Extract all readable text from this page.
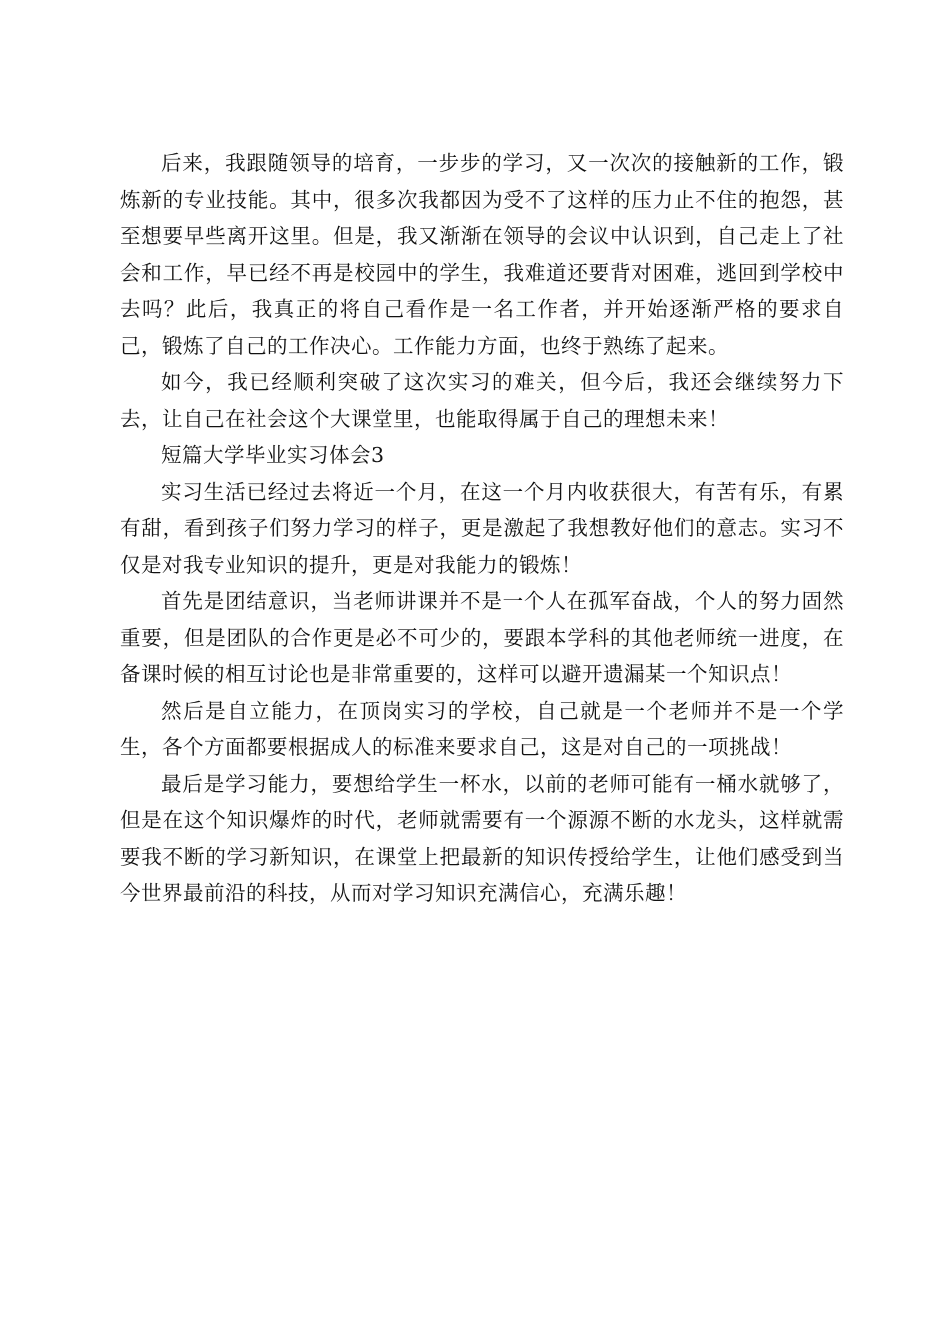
后来，我跟随领导的培育，一步步的学习，又一次次的接触新的工作，锻炼新的专业技能。其中，很多次我都因为受不了这样的压力止不住的抱怨，甚至想要早些离开这里。但是，我又渐渐在领导的会议中认识到，自己走上了社会和工作，早已经不再是校园中的学生，我难道还要背对困难，逃回到学校中去吗？此后，我真正的将自己看作是一名工作者，并开始逐渐严格的要求自己，锻炼了自己的工作决心。工作能力方面，也终于熟练了起来。

如今，我已经顺利突破了这次实习的难关，但今后，我还会继续努力下去，让自己在社会这个大课堂里，也能取得属于自己的理想未来！

短篇大学毕业实习体会3

实习生活已经过去将近一个月，在这一个月内收获很大，有苦有乐，有累有甜，看到孩子们努力学习的样子，更是激起了我想教好他们的意志。实习不仅是对我专业知识的提升，更是对我能力的锻炼！

首先是团结意识，当老师讲课并不是一个人在孤军奋战，个人的努力固然重要，但是团队的合作更是必不可少的，要跟本学科的其他老师统一进度，在备课时候的相互讨论也是非常重要的，这样可以避开遗漏某一个知识点！

然后是自立能力，在顶岗实习的学校，自己就是一个老师并不是一个学生，各个方面都要根据成人的标准来要求自己，这是对自己的一项挑战！

最后是学习能力，要想给学生一杯水，以前的老师可能有一桶水就够了，但是在这个知识爆炸的时代，老师就需要有一个源源不断的水龙头，这样就需要我不断的学习新知识，在课堂上把最新的知识传授给学生，让他们感受到当今世界最前沿的科技，从而对学习知识充满信心，充满乐趣！
